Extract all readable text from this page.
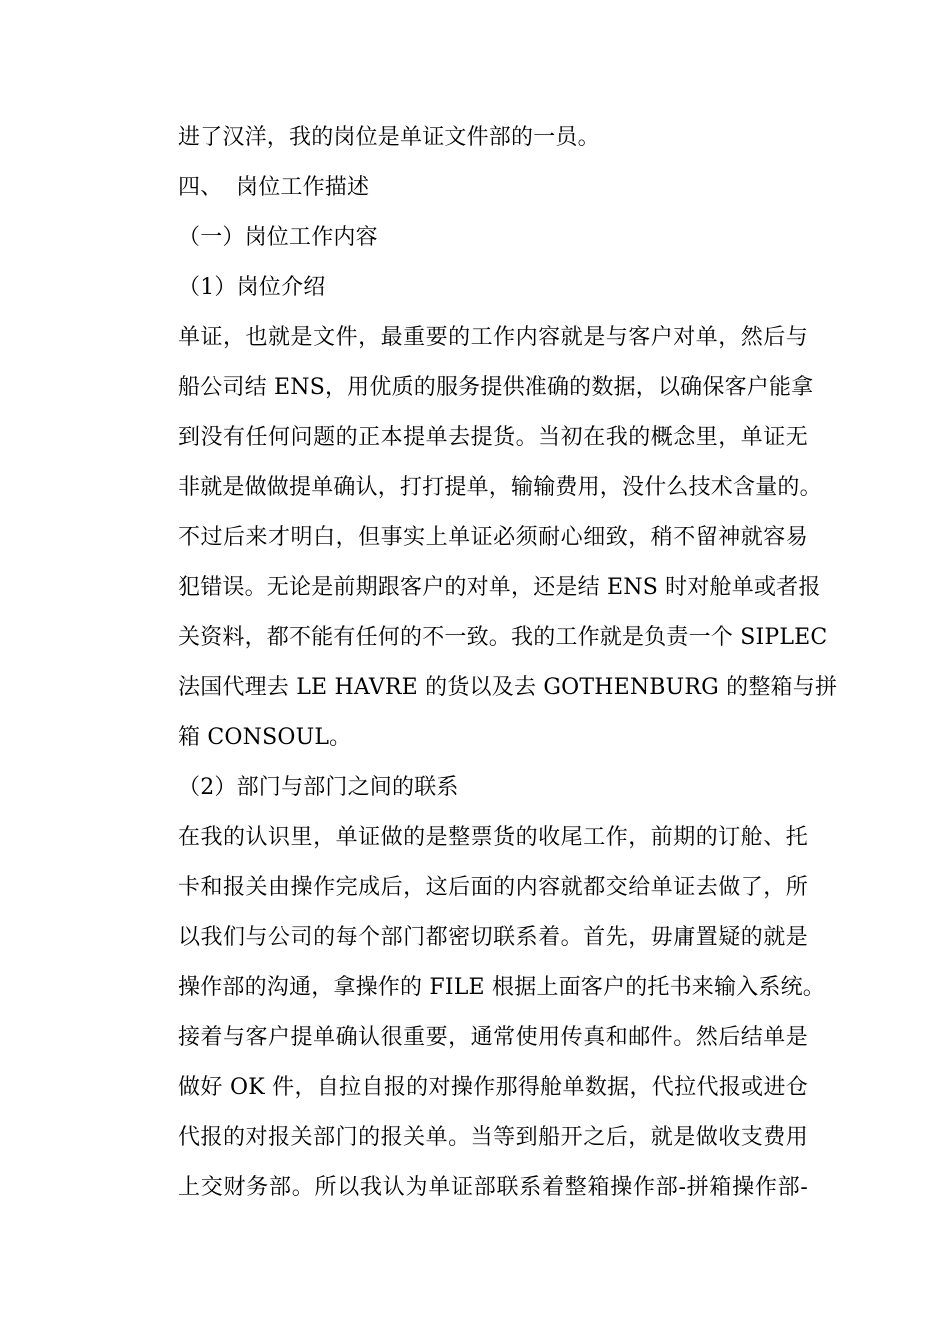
进了汉洋，我的岗位是单证文件部的一员。
四、 岗位工作描述
（一）岗位工作内容
（1）岗位介绍
单证，也就是文件，最重要的工作内容就是与客户对单，然后与
船公司结 ENS，用优质的服务提供准确的数据，以确保客户能拿
到没有任何问题的正本提单去提货。当初在我的概念里，单证无
非就是做做提单确认，打打提单，输输费用，没什么技术含量的。
不过后来才明白，但事实上单证必须耐心细致，稍不留神就容易
犯错误。无论是前期跟客户的对单，还是结 ENS 时对舱单或者报
关资料，都不能有任何的不一致。我的工作就是负责一个 SIPLEC
法国代理去 LE HAVRE 的货以及去 GOTHENBURG 的整箱与拼
箱 CONSOUL。
（2）部门与部门之间的联系
在我的认识里，单证做的是整票货的收尾工作，前期的订舱、托
卡和报关由操作完成后，这后面的内容就都交给单证去做了，所
以我们与公司的每个部门都密切联系着。首先，毋庸置疑的就是
操作部的沟通，拿操作的 FILE 根据上面客户的托书来输入系统。
接着与客户提单确认很重要，通常使用传真和邮件。然后结单是
做好 OK 件，自拉自报的对操作那得舱单数据，代拉代报或进仓
代报的对报关部门的报关单。当等到船开之后，就是做收支费用
上交财务部。所以我认为单证部联系着整箱操作部-拼箱操作部-
